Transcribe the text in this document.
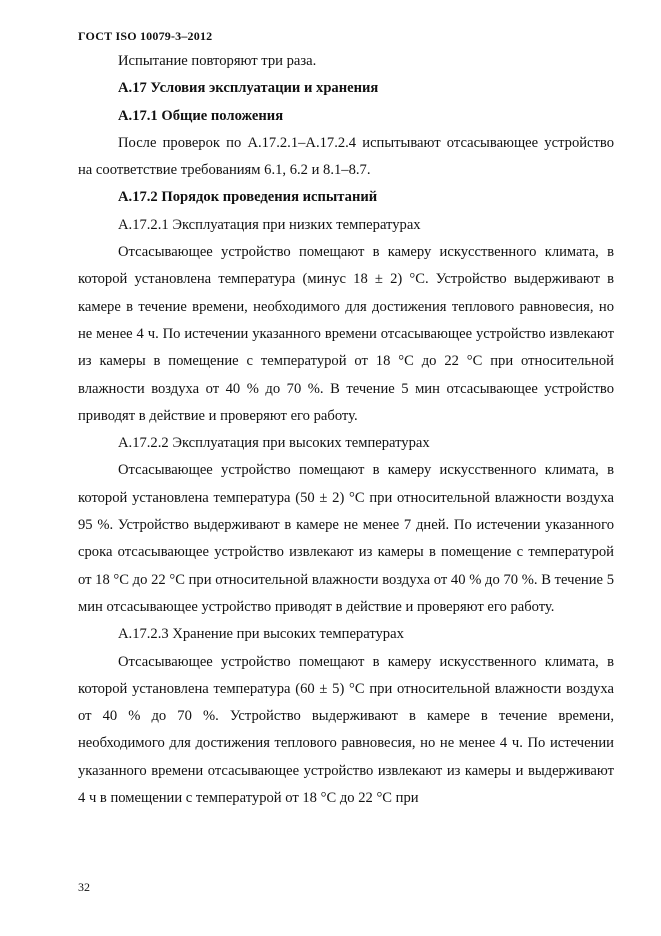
ГОСТ ISO 10079-3–2012

Испытание повторяют три раза.

А.17 Условия эксплуатации и хранения

А.17.1 Общие положения

После проверок по А.17.2.1–А.17.2.4 испытывают отсасывающее устройство на соответствие требованиям 6.1, 6.2 и 8.1–8.7.

А.17.2 Порядок проведения испытаний

А.17.2.1 Эксплуатация при низких температурах

Отсасывающее устройство помещают в камеру искусственного климата, в которой установлена температура (минус 18 ± 2) °С. Устройство выдерживают в камере в течение времени, необходимого для достижения теплового равновесия, но не менее 4 ч. По истечении указанного времени отсасывающее устройство извлекают из камеры в помещение с температурой от 18 °С до 22 °С при относительной влажности воздуха от 40 % до 70 %. В течение 5 мин отсасывающее устройство приводят в действие и проверяют его работу.

А.17.2.2 Эксплуатация при высоких температурах

Отсасывающее устройство помещают в камеру искусственного климата, в которой установлена температура (50 ± 2) °С при относительной влажности воздуха 95 %. Устройство выдерживают в камере не менее 7 дней. По истечении указанного срока отсасывающее устройство извлекают из камеры в помещение с температурой от 18 °С до 22 °С при относительной влажности воздуха от 40 % до 70 %. В течение 5 мин отсасывающее устройство приводят в действие и проверяют его работу.

А.17.2.3 Хранение при высоких температурах

Отсасывающее устройство помещают в камеру искусственного климата, в которой установлена температура (60 ± 5) °С при относительной влажности воздуха от 40 % до 70 %. Устройство выдерживают в камере в течение времени, необходимого для достижения теплового равновесия, но не менее 4 ч. По истечении указанного времени отсасывающее устройство извлекают из камеры и выдерживают 4 ч в помещении с температурой от 18 °С до 22 °С при

32
